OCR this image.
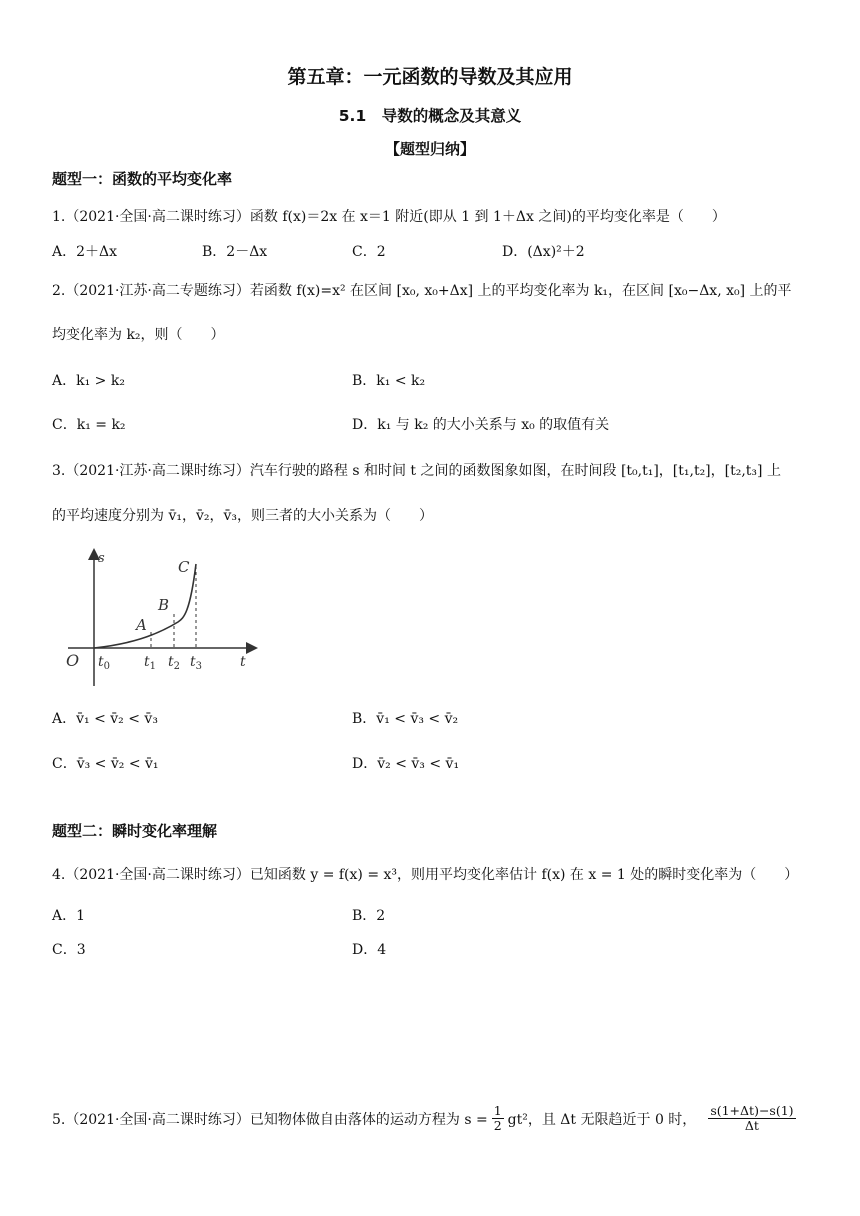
第五章：一元函数的导数及其应用
5.1　导数的概念及其意义
【题型归纳】
题型一：函数的平均变化率
1.（2021·全国·高二课时练习）函数 f(x)＝2x 在 x＝1 附近(即从 1 到 1＋Δx 之间)的平均变化率是（　　）
A．2＋Δx	B．2－Δx	C．2	D．(Δx)²＋2
2.（2021·江苏·高二专题练习）若函数 f(x)=x² 在区间 [x₀, x₀+Δx] 上的平均变化率为 k₁，在区间 [x₀−Δx, x₀] 上的平
均变化率为 k₂，则（　　）
A．k₁ > k₂	B．k₁ < k₂
C．k₁ = k₂	D．k₁ 与 k₂ 的大小关系与 x₀ 的取值有关
3.（2021·江苏·高二课时练习）汽车行驶的路程 s 和时间 t 之间的函数图象如图，在时间段 [t₀,t₁]，[t₁,t₂]，[t₂,t₃] 上
的平均速度分别为 v̄₁，v̄₂，v̄₃，则三者的大小关系为（　　）
s
t
O
A
B
C
$t_0$ $t_1$ $t_2$ $t_3$
A．v̄₁ < v̄₂ < v̄₃	B．v̄₁ < v̄₃ < v̄₂
C．v̄₃ < v̄₂ < v̄₁	D．v̄₂ < v̄₃ < v̄₁
题型二：瞬时变化率理解
4.（2021·全国·高二课时练习）已知函数 y = f(x) = x³，则用平均变化率估计 f(x) 在 x = 1 处的瞬时变化率为（　　）
A．1	B．2
C．3	D．4
5.（2021·全国·高二课时练习）已知物体做自由落体的运动方程为 $s = \frac{1}{2} gt^2$，且 Δt 无限趋近于 0 时， $\frac{s(1+\Delta t)-s(1)}{\Delta t}$
